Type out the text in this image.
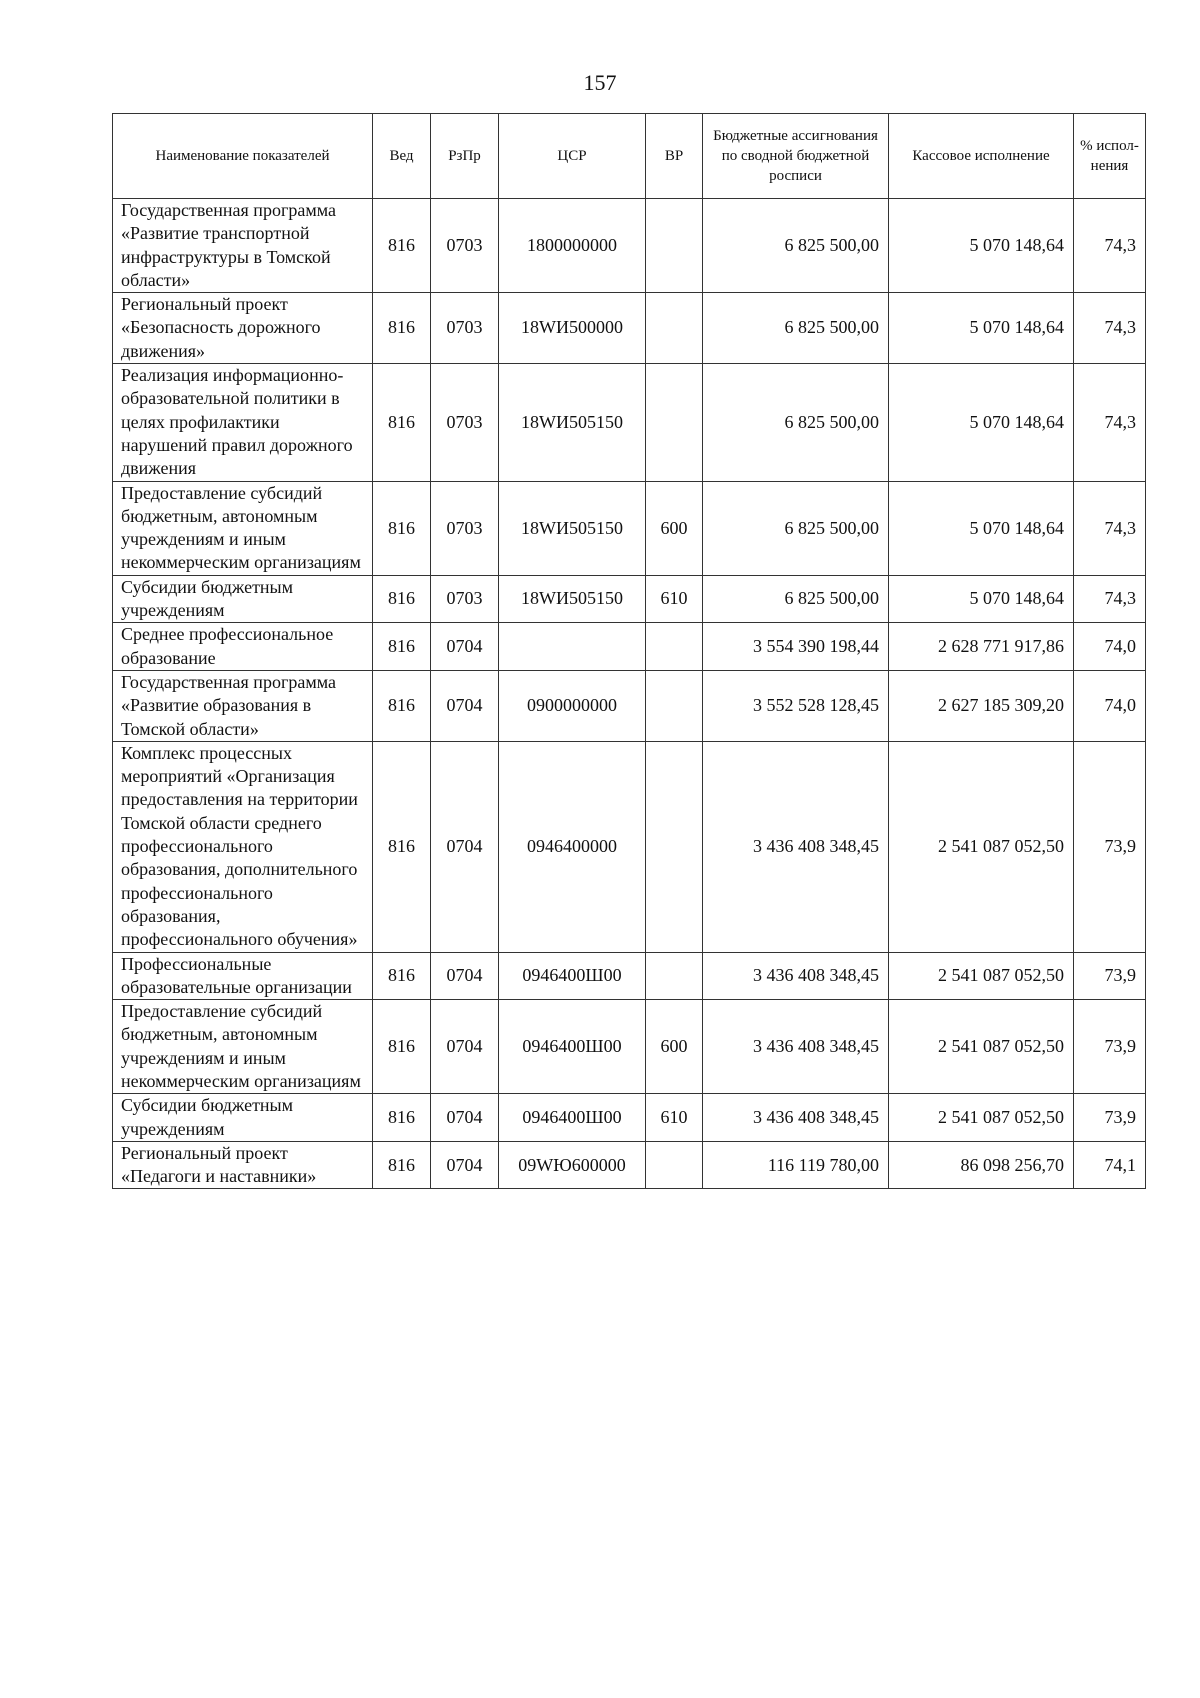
157
Наименование показателей	Вед	РзПр	ЦСР	ВР	Бюджетные ассигнования по сводной бюджетной росписи	Кассовое исполнение	% испол-нения
Государственная программа «Развитие транспортной инфраструктуры в Томской области»	816	0703	1800000000		6 825 500,00	5 070 148,64	74,3
Региональный проект «Безопасность дорожного движения»	816	0703	18WИ500000		6 825 500,00	5 070 148,64	74,3
Реализация информационно-образовательной политики в целях профилактики нарушений правил дорожного движения	816	0703	18WИ505150		6 825 500,00	5 070 148,64	74,3
Предоставление субсидий бюджетным, автономным учреждениям и иным некоммерческим организациям	816	0703	18WИ505150	600	6 825 500,00	5 070 148,64	74,3
Субсидии бюджетным учреждениям	816	0703	18WИ505150	610	6 825 500,00	5 070 148,64	74,3
Среднее профессиональное образование	816	0704			3 554 390 198,44	2 628 771 917,86	74,0
Государственная программа «Развитие образования в Томской области»	816	0704	0900000000		3 552 528 128,45	2 627 185 309,20	74,0
Комплекс процессных мероприятий «Организация предоставления на территории Томской области среднего профессионального образования, дополнительного профессионального образования, профессионального обучения»	816	0704	0946400000		3 436 408 348,45	2 541 087 052,50	73,9
Профессиональные образовательные организации	816	0704	0946400Ш00		3 436 408 348,45	2 541 087 052,50	73,9
Предоставление субсидий бюджетным, автономным учреждениям и иным некоммерческим организациям	816	0704	0946400Ш00	600	3 436 408 348,45	2 541 087 052,50	73,9
Субсидии бюджетным учреждениям	816	0704	0946400Ш00	610	3 436 408 348,45	2 541 087 052,50	73,9
Региональный проект «Педагоги и наставники»	816	0704	09WЮ600000		116 119 780,00	86 098 256,70	74,1
